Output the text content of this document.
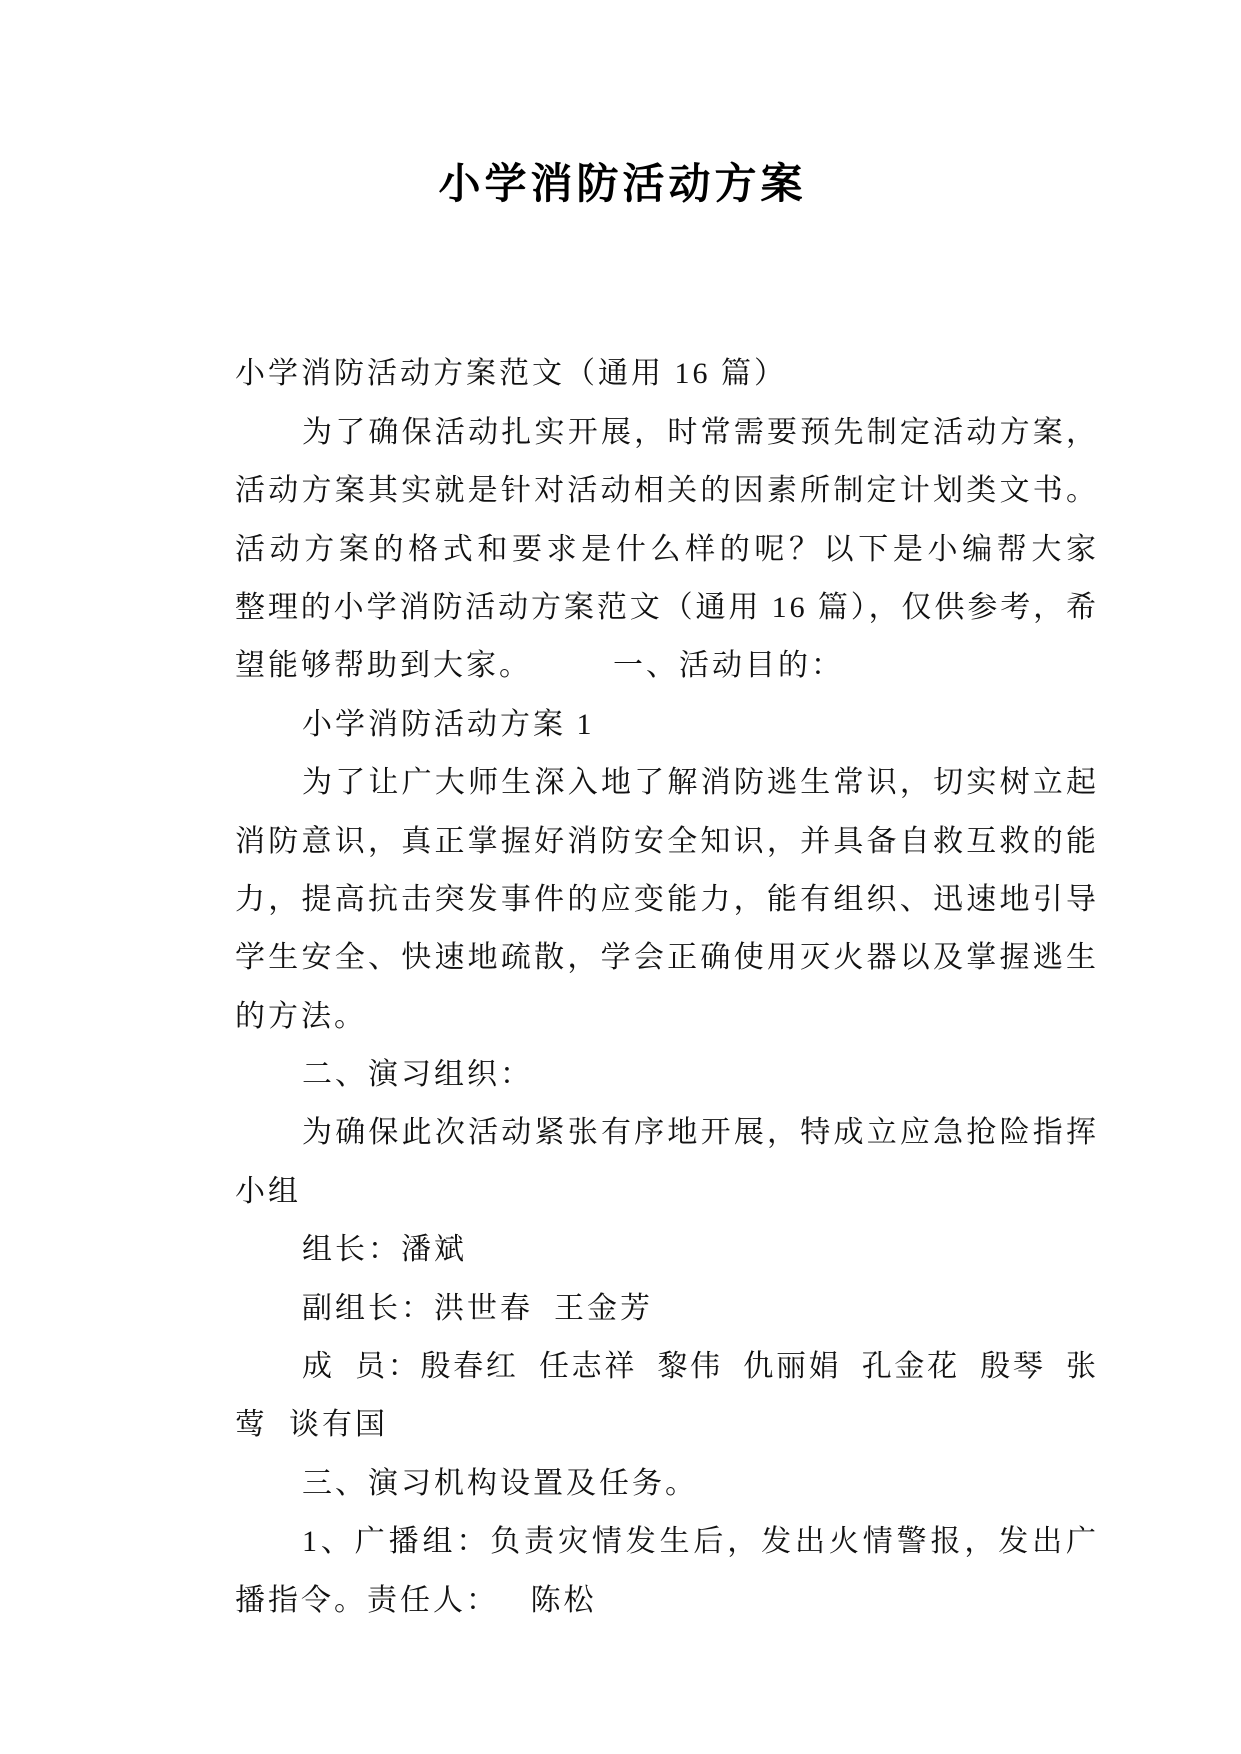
小学消防活动方案

小学消防活动方案范文（通用 16 篇）

为了确保活动扎实开展，时常需要预先制定活动方案，

活动方案其实就是针对活动相关的因素所制定计划类文书。

活动方案的格式和要求是什么样的呢？以下是小编帮大家

整理的小学消防活动方案范文（通用 16 篇），仅供参考，希

望能够帮助到大家。

小学消防活动方案 1

一、活动目的：

为了让广大师生深入地了解消防逃生常识，切实树立起

消防意识，真正掌握好消防安全知识，并具备自救互救的能

力，提高抗击突发事件的应变能力，能有组织、迅速地引导

学生安全、快速地疏散，学会正确使用灭火器以及掌握逃生

的方法。

二、演习组织：

为确保此次活动紧张有序地开展，特成立应急抢险指挥

小组

组长：潘斌

副组长：洪世春  王金芳

成  员：殷春红  任志祥  黎伟  仇丽娟  孔金花  殷琴  张

莺  谈有国

三、演习机构设置及任务。

1、广播组：负责灾情发生后，发出火情警报，发出广

播指令。责任人：   陈松
